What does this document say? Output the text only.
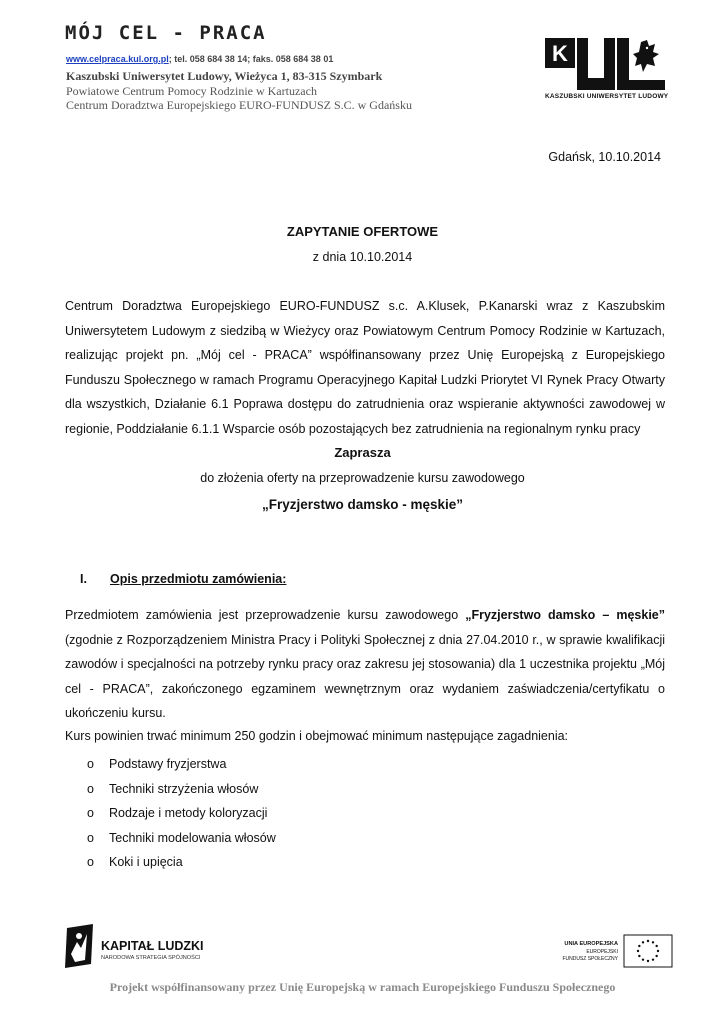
MÓJ CEL - PRACA
www.celpraca.kul.org.pl; tel. 058 684 38 14; faks. 058 684 38 01
Kaszubski Uniwersytet Ludowy, Wieżyca 1, 83-315 Szymbark
Powiatowe Centrum Pomocy Rodzinie w Kartuzach
Centrum Doradztwa Europejskiego EURO-FUNDUSZ S.C. w Gdańsku
K
KASZUBSKI UNIWERSYTET LUDOWY
Gdańsk, 10.10.2014
ZAPYTANIE OFERTOWE
z dnia 10.10.2014
Centrum Doradztwa Europejskiego EURO-FUNDUSZ s.c. A.Klusek, P.Kanarski wraz z Kaszubskim Uniwersytetem Ludowym z siedzibą w Wieżycy oraz Powiatowym Centrum Pomocy Rodzinie w Kartuzach, realizując projekt pn. „Mój cel - PRACA” współfinansowany przez Unię Europejską z Europejskiego Funduszu Społecznego w ramach Programu Operacyjnego Kapitał Ludzki Priorytet VI Rynek Pracy Otwarty dla wszystkich, Działanie 6.1 Poprawa dostępu do zatrudnienia oraz wspieranie aktywności zawodowej w regionie, Poddziałanie 6.1.1 Wsparcie osób pozostających bez zatrudnienia na regionalnym rynku pracy
Zaprasza
do złożenia oferty na przeprowadzenie kursu zawodowego
„Fryzjerstwo damsko - męskie”
I. Opis przedmiotu zamówienia:
Przedmiotem zamówienia jest przeprowadzenie kursu zawodowego „Fryzjerstwo damsko – męskie” (zgodnie z Rozporządzeniem Ministra Pracy i Polityki Społecznej z dnia 27.04.2010 r., w sprawie kwalifikacji zawodów i specjalności na potrzeby rynku pracy oraz zakresu jej stosowania) dla 1 uczestnika projektu „Mój cel - PRACA”, zakończonego egzaminem wewnętrznym oraz wydaniem zaświadczenia/certyfikatu o ukończeniu kursu.
Kurs powinien trwać minimum 250 godzin i obejmować minimum następujące zagadnienia:
o	Podstawy fryzjerstwa
o	Techniki strzyżenia włosów
o	Rodzaje i metody koloryzacji
o	Techniki modelowania włosów
o	Koki i upięcia
KAPITAŁ LUDZKI
NARODOWA STRATEGIA SPÓJNOŚCI
UNIA EUROPEJSKA
EUROPEJSKI
FUNDUSZ SPOŁECZNY
Projekt współfinansowany przez Unię Europejską w ramach Europejskiego Funduszu Społecznego
